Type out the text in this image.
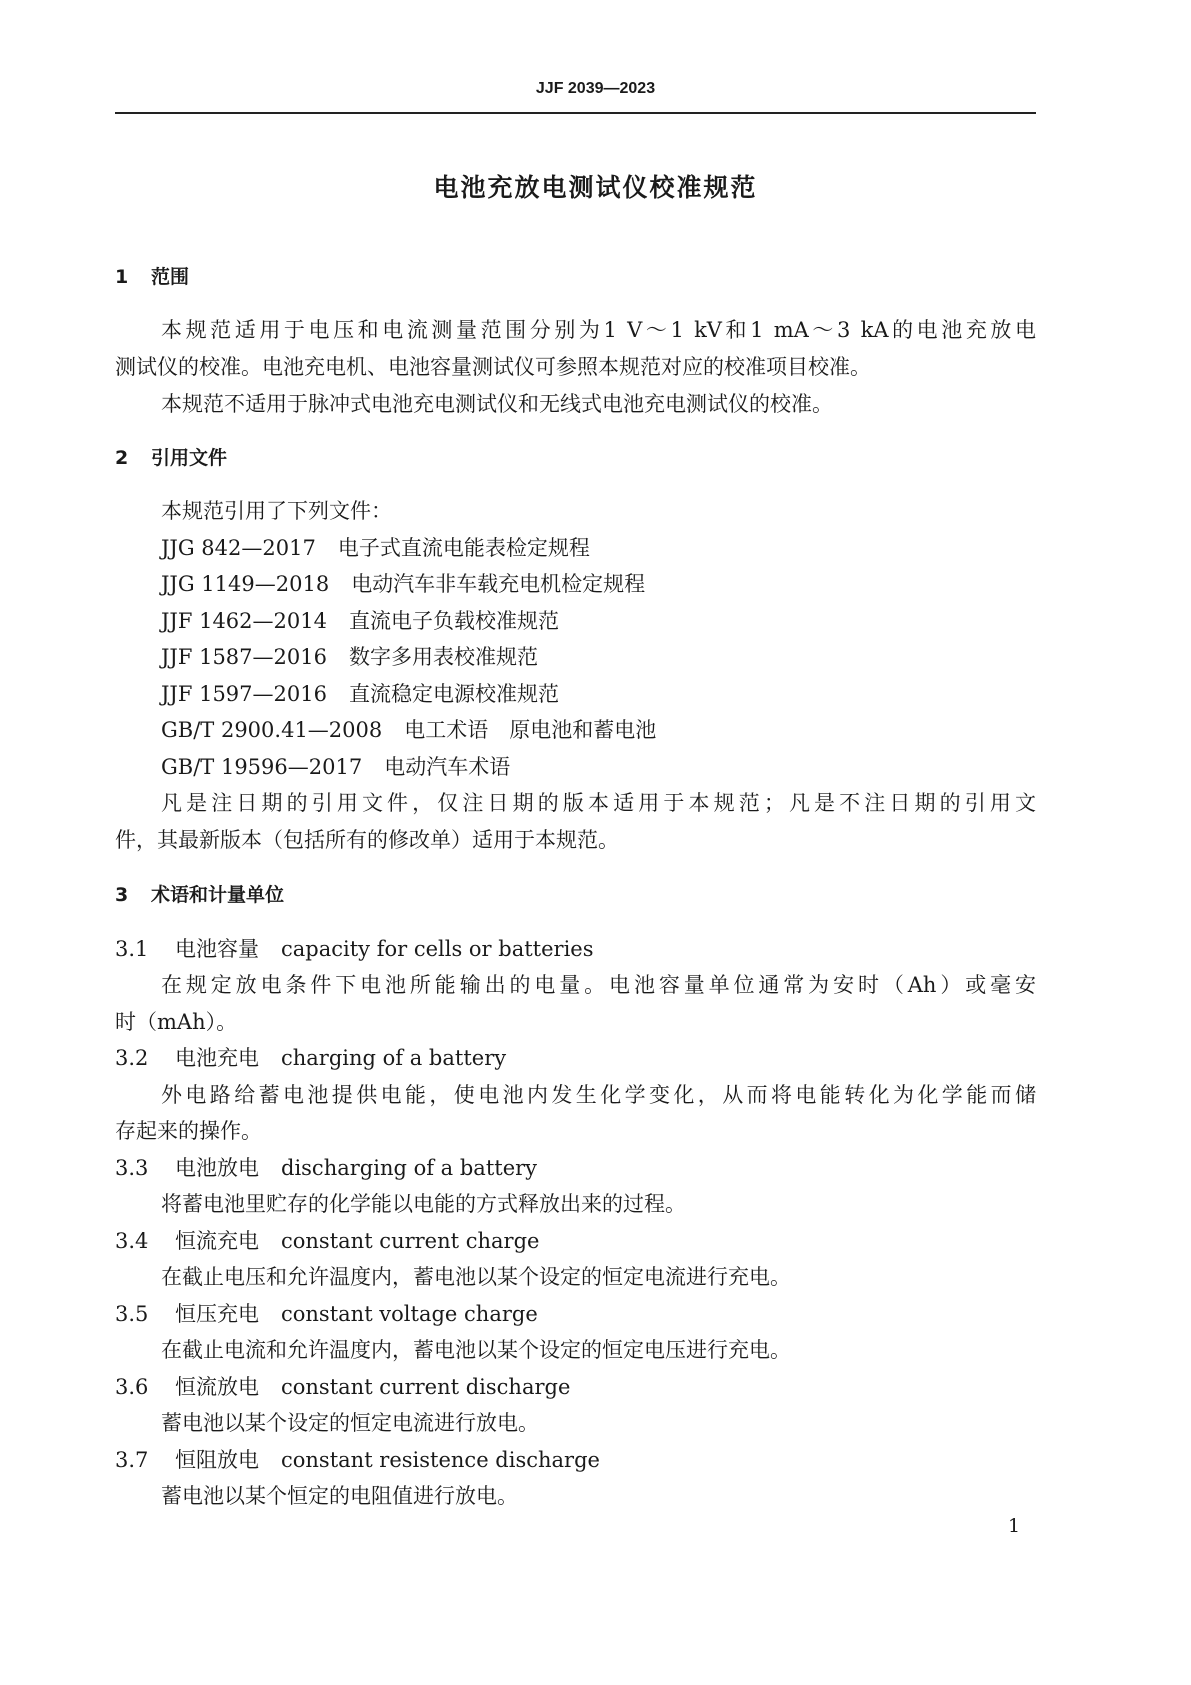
JJF 2039—2023
电池充放电测试仪校准规范
1 范围
本规范适用于电压和电流测量范围分别为1 V～1 kV和1 mA～3 kA的电池充放电
测试仪的校准。电池充电机、电池容量测试仪可参照本规范对应的校准项目校准。
本规范不适用于脉冲式电池充电测试仪和无线式电池充电测试仪的校准。
2 引用文件
本规范引用了下列文件：
JJG 842—2017 电子式直流电能表检定规程
JJG 1149—2018 电动汽车非车载充电机检定规程
JJF 1462—2014 直流电子负载校准规范
JJF 1587—2016 数字多用表校准规范
JJF 1597—2016 直流稳定电源校准规范
GB/T 2900.41—2008 电工术语　原电池和蓄电池
GB/T 19596—2017 电动汽车术语
凡是注日期的引用文件，仅注日期的版本适用于本规范；凡是不注日期的引用文
件，其最新版本（包括所有的修改单）适用于本规范。
3 术语和计量单位
3.1 电池容量 capacity for cells or batteries
在规定放电条件下电池所能输出的电量。电池容量单位通常为安时（Ah）或毫安
时（mAh）。
3.2 电池充电 charging of a battery
外电路给蓄电池提供电能，使电池内发生化学变化，从而将电能转化为化学能而储
存起来的操作。
3.3 电池放电 discharging of a battery
将蓄电池里贮存的化学能以电能的方式释放出来的过程。
3.4 恒流充电 constant current charge
在截止电压和允许温度内，蓄电池以某个设定的恒定电流进行充电。
3.5 恒压充电 constant voltage charge
在截止电流和允许温度内，蓄电池以某个设定的恒定电压进行充电。
3.6 恒流放电 constant current discharge
蓄电池以某个设定的恒定电流进行放电。
3.7 恒阻放电 constant resistence discharge
蓄电池以某个恒定的电阻值进行放电。
1
